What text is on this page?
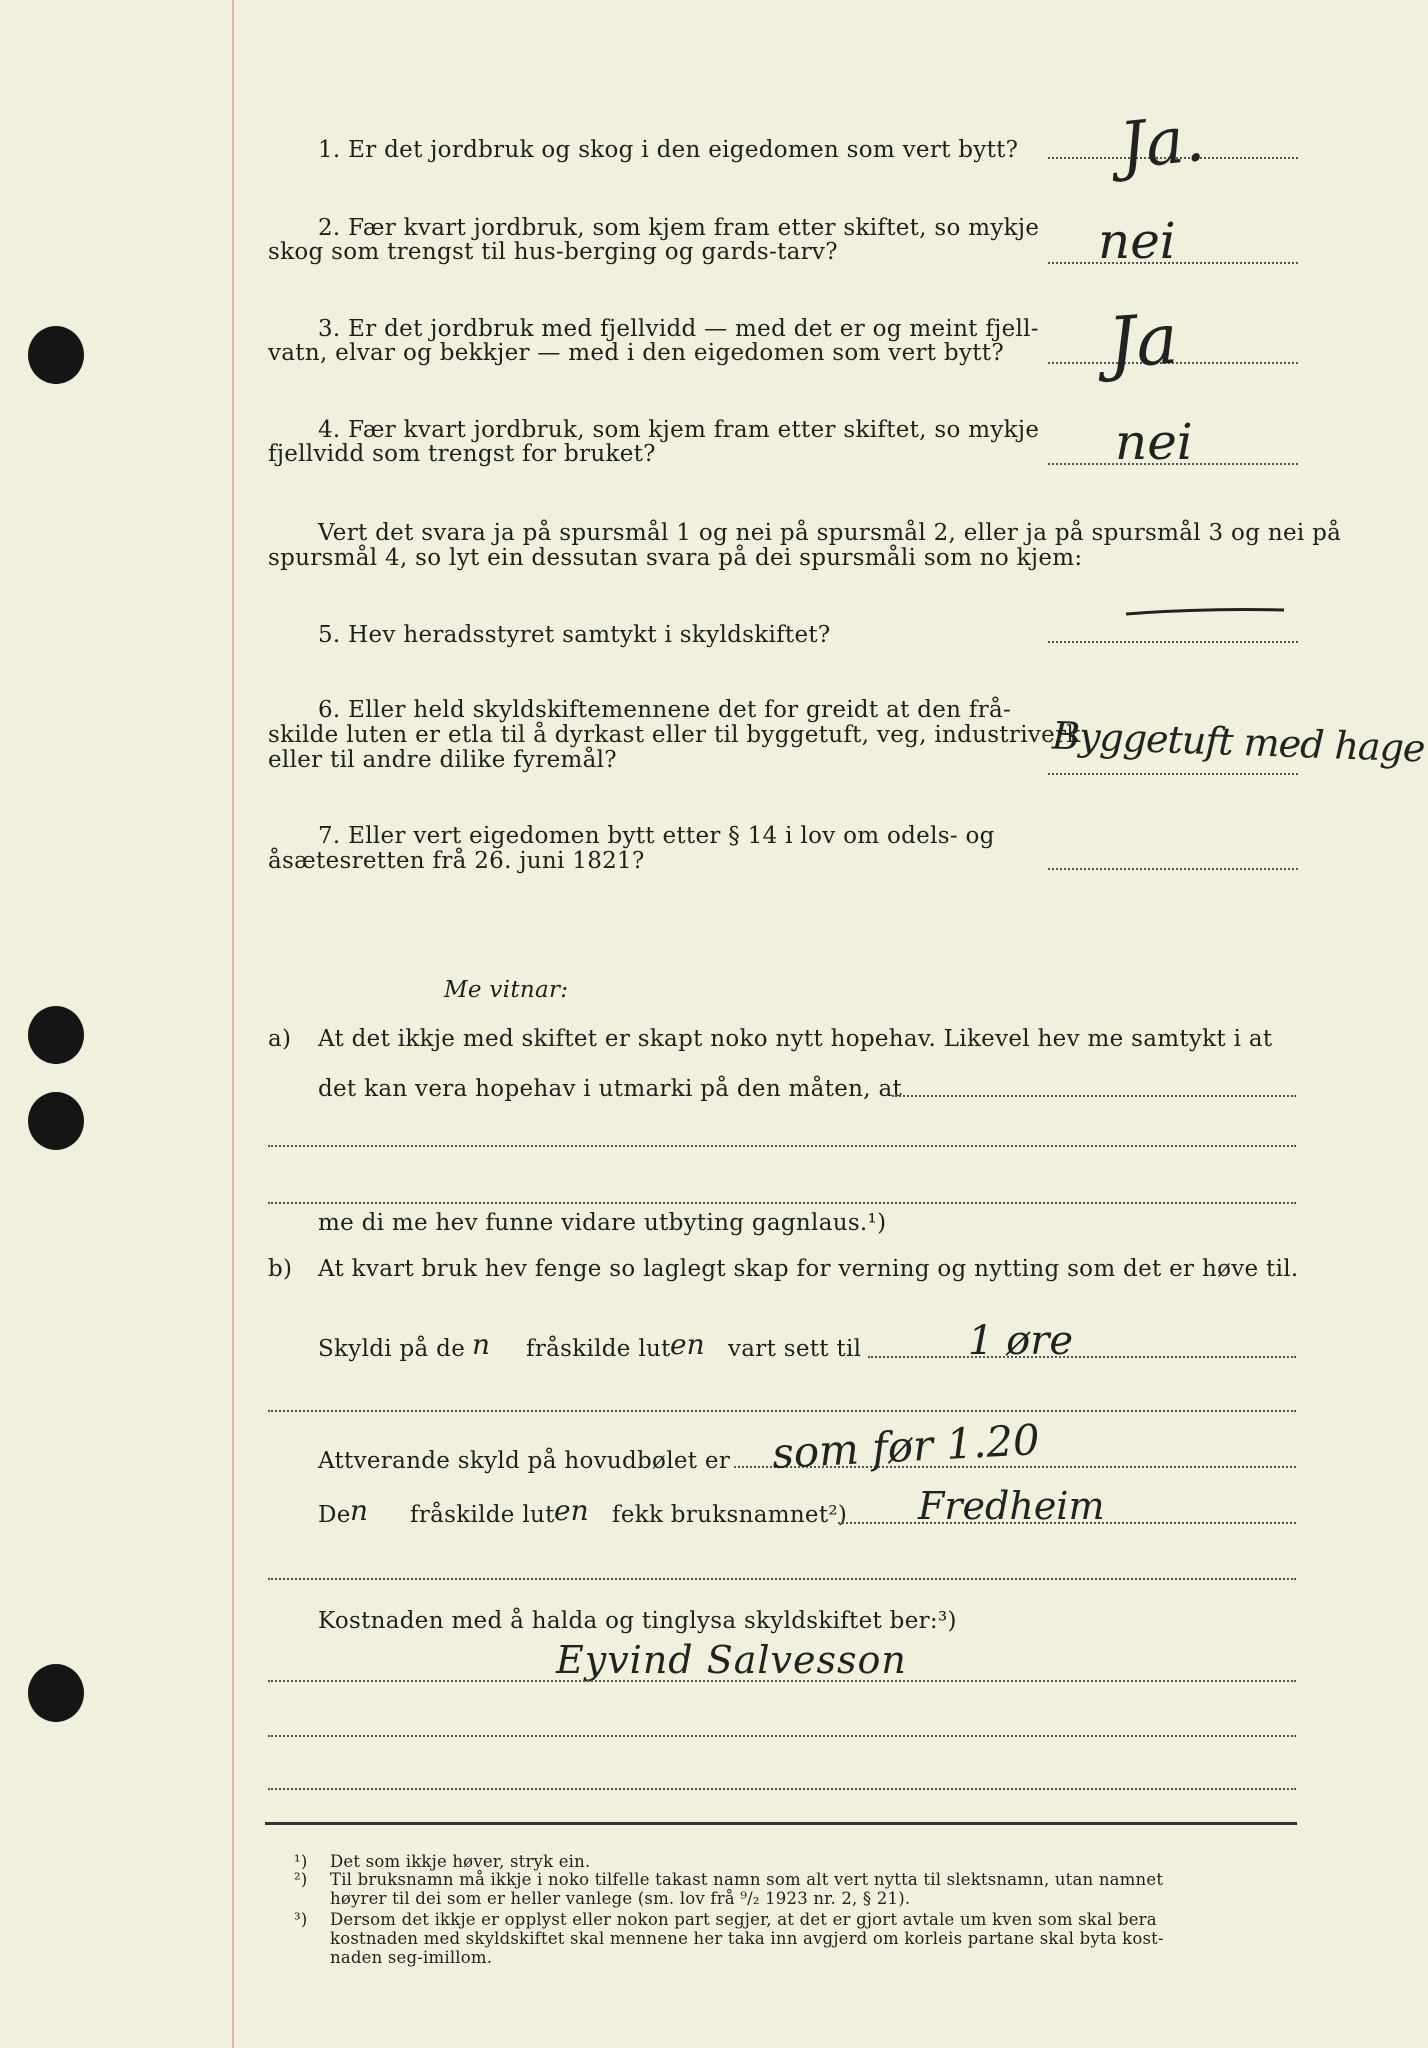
1. Er det jordbruk og skog i den eigedomen som vert bytt? Ja.
2. Fær kvart jordbruk, som kjem fram etter skiftet, so mykje
skog som trengst til hus-berging og gards-tarv?	nei
3. Er det jordbruk med fjellvidd — med det er og meint fjell-
vatn, elvar og bekkjer — med i den eigedomen som vert bytt? Ja
4. Fær kvart jordbruk, som kjem fram etter skiftet, so mykje
fjellvidd som trengst for bruket?	nei
Vert det svara ja på spursmål 1 og nei på spursmål 2, eller ja på spursmål 3 og nei på
spursmål 4, so lyt ein dessutan svara på dei spursmåli som no kjem:
5. Hev heradsstyret samtykt i skyldskiftet?
6. Eller held skyldskiftemennene det for greidt at den frå-
skilde luten er etla til å dyrkast eller til byggetuft, veg, industriverk
eller til andre dilike fyremål?	Byggetuft med hage
7. Eller vert eigedomen bytt etter § 14 i lov om odels- og
åsætesretten frå 26. juni 1821?
Me vitnar:
a) At det ikkje med skiftet er skapt noko nytt hopehav. Likevel hev me samtykt i at
det kan vera hopehav i utmarki på den måten, at
me di me hev funne vidare utbyting gagnlaus.¹)
b) At kvart bruk hev fenge so laglegt skap for verning og nytting som det er høve til.
Skyldi på de n fråskilde lut en vart sett til	1 øre
Attverande skyld på hovudbølet er som før 1.20
De n fråskilde lut en fekk bruksnamnet²) Fredheim
Kostnaden med å halda og tinglysa skyldskiftet ber:³)
Eyvind Salvesson
¹) Det som ikkje høver, stryk ein.
²) Til bruksnamn må ikkje i noko tilfelle takast namn som alt vert nytta til slektsnamn, utan namnet
høyrer til dei som er heller vanlege (sm. lov frå ⁹/₂ 1923 nr. 2, § 21).
³) Dersom det ikkje er opplyst eller nokon part segjer, at det er gjort avtale um kven som skal bera
kostnaden med skyldskiftet skal mennene her taka inn avgjerd om korleis partane skal byta kost-
naden seg-imillom.
